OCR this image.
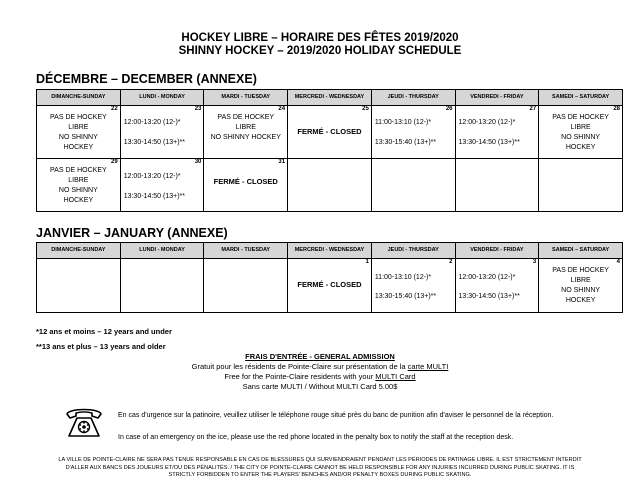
HOCKEY LIBRE – HORAIRE DES FÊTES 2019/2020
SHINNY HOCKEY – 2019/2020 HOLIDAY SCHEDULE
DÉCEMBRE – DECEMBER (ANNEXE)
DIMANCHE-SUNDAY	LUNDI - MONDAY	MARDI - TUESDAY	MERCREDI - WEDNESDAY	JEUDI - THURSDAY	VENDREDI - FRIDAY	SAMEDI – SATURDAY

22
PAS DE HOCKEY
LIBRE
NO SHINNY
HOCKEY	23
12:00-13:20 (12-)*
13:30-14:50 (13+)**	24
PAS DE HOCKEY
LIBRE
NO SHINNY HOCKEY	25
FERMÉ - CLOSED	26
11:00-13:10 (12-)*
13:30-15:40 (13+)**	27
12:00-13:20 (12-)*
13:30-14:50 (13+)**	28
PAS DE HOCKEY
LIBRE
NO SHINNY
HOCKEY

29
PAS DE HOCKEY
LIBRE
NO SHINNY
HOCKEY	30
12:00-13:20 (12-)*
13:30-14:50 (13+)**	31
FERMÉ - CLOSED				

JANVIER – JANUARY (ANNEXE)
DIMANCHE-SUNDAY	LUNDI - MONDAY	MARDI - TUESDAY	MERCREDI - WEDNESDAY	JEUDI - THURSDAY	VENDREDI - FRIDAY	SAMEDI – SATURDAY

			1
FERMÉ - CLOSED	2
11:00-13:10 (12-)*
13:30-15:40 (13+)**	3
12:00-13:20 (12-)*
13:30-14:50 (13+)**	4
PAS DE HOCKEY
LIBRE
NO SHINNY
HOCKEY
*12 ans et moins – 12 years and under
**13 ans et plus – 13 years and older
FRAIS D'ENTRÉE - GENERAL ADMISSION
Gratuit pour les résidents de Pointe-Claire sur présentation de la carte MULTI
Free for the Pointe-Claire residents with your MULTI Card
Sans carte MULTI / Without MULTI Card 5.00$
En cas d'urgence sur la patinoire, veuillez utiliser le téléphone rouge situé près du banc de punition afin d'aviser le personnel de la réception.
In case of an emergency on the ice, please use the red phone located in the penalty box to notify the staff at the reception desk.
LA VILLE DE POINTE-CLAIRE NE SERA PAS TENUE RESPONSABLE EN CAS DE BLESSURES QUI SURVIENDRAIENT PENDANT LES PÉRIODES DE PATINAGE LIBRE. IL EST STRICTEMENT INTERDIT
D'ALLER AUX BANCS DES JOUEURS ET/OU DES PÉNALITÉS. / THE CITY OF POINTE-CLAIRE CANNOT BE HELD RESPONSIBLE FOR ANY INJURIES INCURRED DURING PUBLIC SKATING. IT IS
STRICTLY FORBIDDEN TO ENTER THE PLAYERS' BENCHES AND/OR PENALTY BOXES DURING PUBLIC SKATING.
